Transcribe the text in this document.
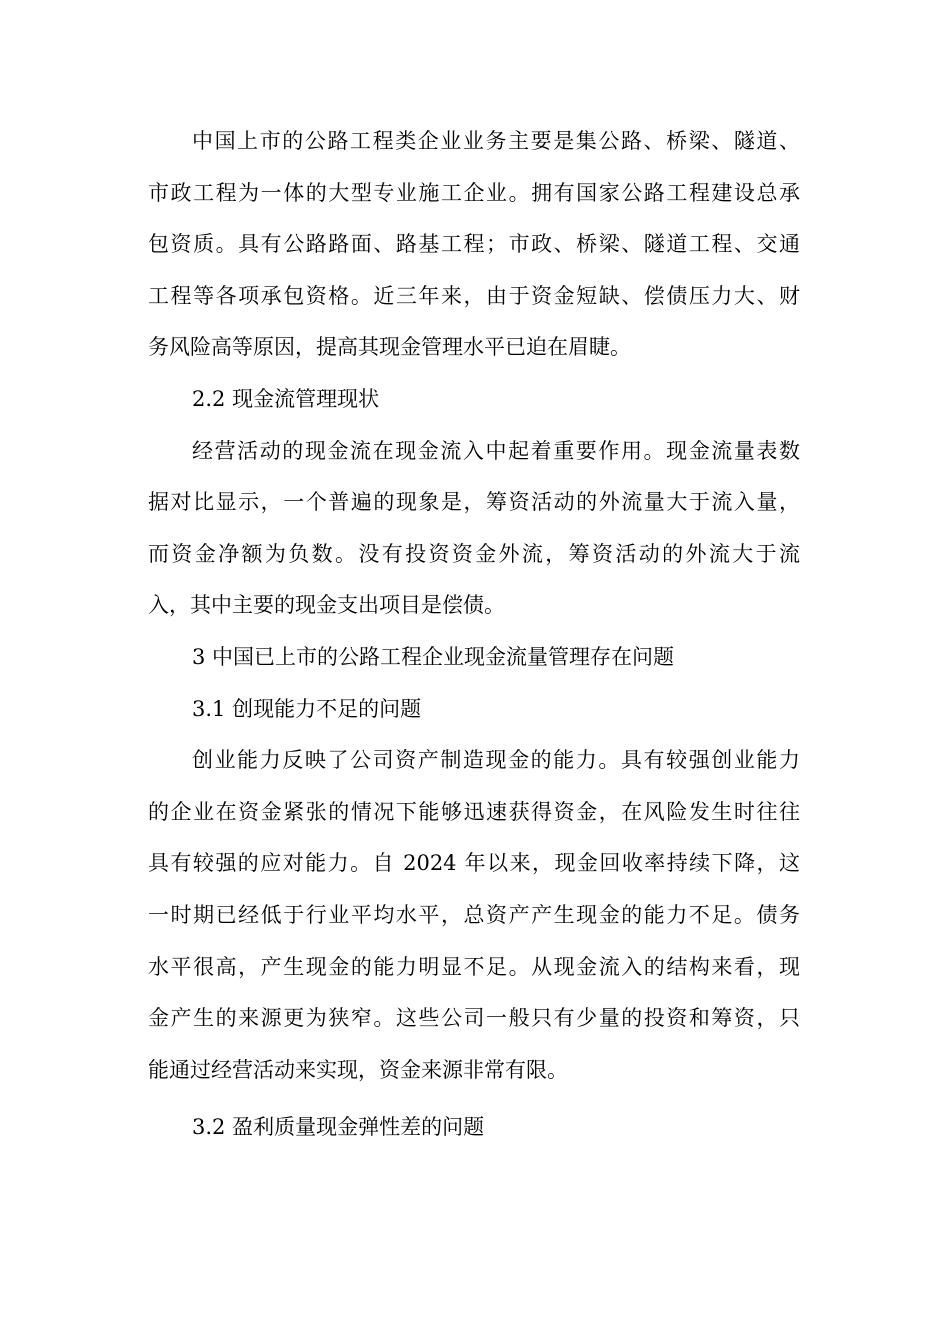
中国上市的公路工程类企业业务主要是集公路、桥梁、隧道、
市政工程为一体的大型专业施工企业。拥有国家公路工程建设总承
包资质。具有公路路面、路基工程；市政、桥梁、隧道工程、交通
工程等各项承包资格。近三年来，由于资金短缺、偿债压力大、财
务风险高等原因，提高其现金管理水平已迫在眉睫。
2.2 现金流管理现状
经营活动的现金流在现金流入中起着重要作用。现金流量表数
据对比显示，一个普遍的现象是，筹资活动的外流量大于流入量，
而资金净额为负数。没有投资资金外流，筹资活动的外流大于流
入，其中主要的现金支出项目是偿债。
3 中国已上市的公路工程企业现金流量管理存在问题
3.1 创现能力不足的问题
创业能力反映了公司资产制造现金的能力。具有较强创业能力
的企业在资金紧张的情况下能够迅速获得资金，在风险发生时往往
具有较强的应对能力。自 2024 年以来，现金回收率持续下降，这
一时期已经低于行业平均水平，总资产产生现金的能力不足。债务
水平很高，产生现金的能力明显不足。从现金流入的结构来看，现
金产生的来源更为狭窄。这些公司一般只有少量的投资和筹资，只
能通过经营活动来实现，资金来源非常有限。
3.2 盈利质量现金弹性差的问题
